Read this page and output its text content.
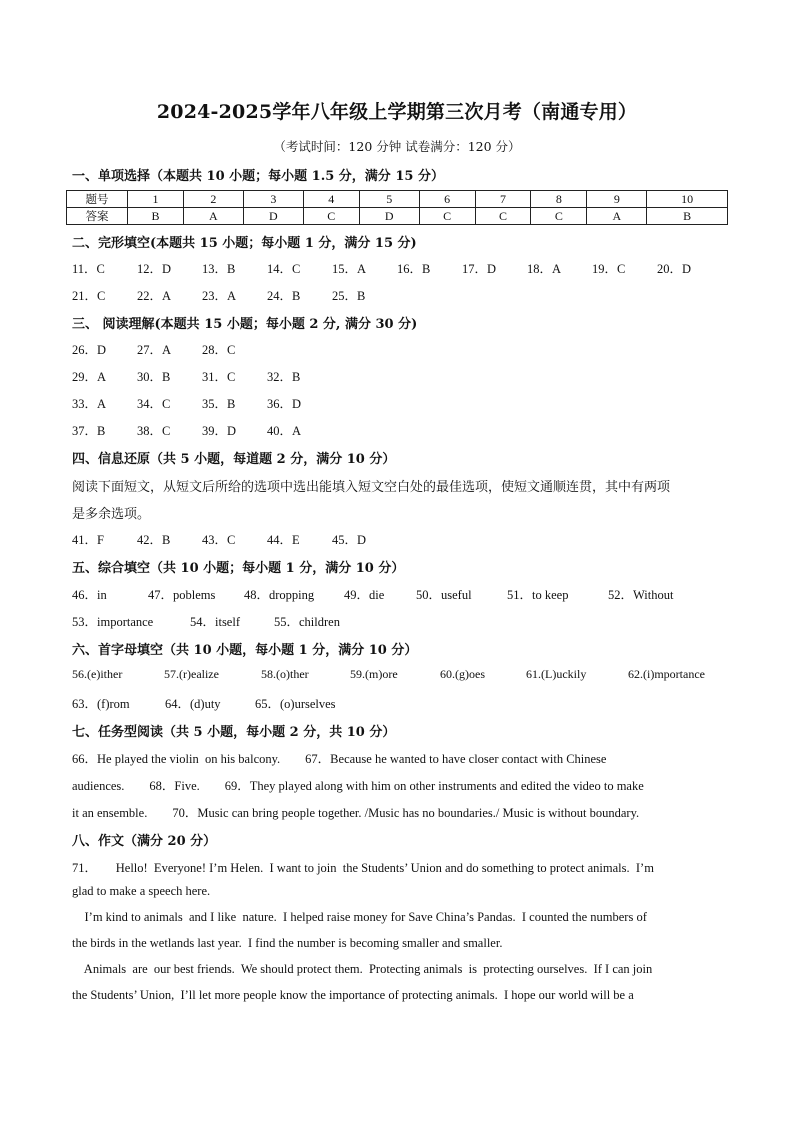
2024-2025学年八年级上学期第三次月考（南通专用）
（考试时间：120 分钟 试卷满分：120 分）
一、单项选择（本题共 10 小题；每小题 1.5 分，满分 15 分）
题号	1	2	3	4	5	6	7	8	9	10
答案	B	A	D	C	D	C	C	C	A	B
二、完形填空(本题共 15 小题；每小题 1 分，满分 15 分)
11．C	12．D 13．B	14．C	15．A 16．B	17．D 18．A 19．C	20．D
21．C	22．A 23．A 24．B	25．B
三、 阅读理解(本题共 15 小题；每小题 2 分, 满分 30 分)
26．D 27．A 28．C
29．A 30．B	31．C	32．B
33．A 34．C	35．B	36．D
37．B	38．C	39．D 40．A
四、信息还原（共 5 小题，每道题 2 分，满分 10 分）
阅读下面短文，从短文后所给的选项中选出能填入短文空白处的最佳选项，使短文通顺连贯，其中有两项
是多余选项。
41．F	42．B	43．C	44．E	45．D
五、综合填空（共 10 小题；每小题 1 分，满分 10 分）
46．in	47．poblems 48．dropping 49．die	50．useful	51．to keep	52．Without
53．importance	54．itself	55．children
六、首字母填空（共 10 小题，每小题 1 分，满分 10 分）
56.(e)ither	57.(r)ealize	58.(o)ther	59.(m)ore	60.(g)oes	61.(L)uckily	62.(i)mportance
63．(f)rom	64．(d)uty	65．(o)urselves
七、任务型阅读（共 5 小题，每小题 2 分，共 10 分）
66．He played the violin  on his balcony.        67．Because he wanted to have closer contact with Chinese
audiences.        68．Five.        69．They played along with him on other instruments and edited the video to make
it an ensemble.        70．Music can bring people together. /Music has no boundaries./ Music is without boundary.
八、作文（满分 20 分）
71．      Hello!  Everyone! I’m Helen.  I want to join  the Students’ Union and do something to protect animals.  I’m
glad to make a speech here.
I’m kind to animals  and I like  nature.  I helped raise money for Save China’s Pandas.  I counted the numbers of
the birds in the wetlands last year.  I find the number is becoming smaller and smaller.
Animals  are  our best friends.  We should protect them.  Protecting animals  is  protecting ourselves.  If I can join
the Students’ Union,  I’ll let more people know the importance of protecting animals.  I hope our world will be a
